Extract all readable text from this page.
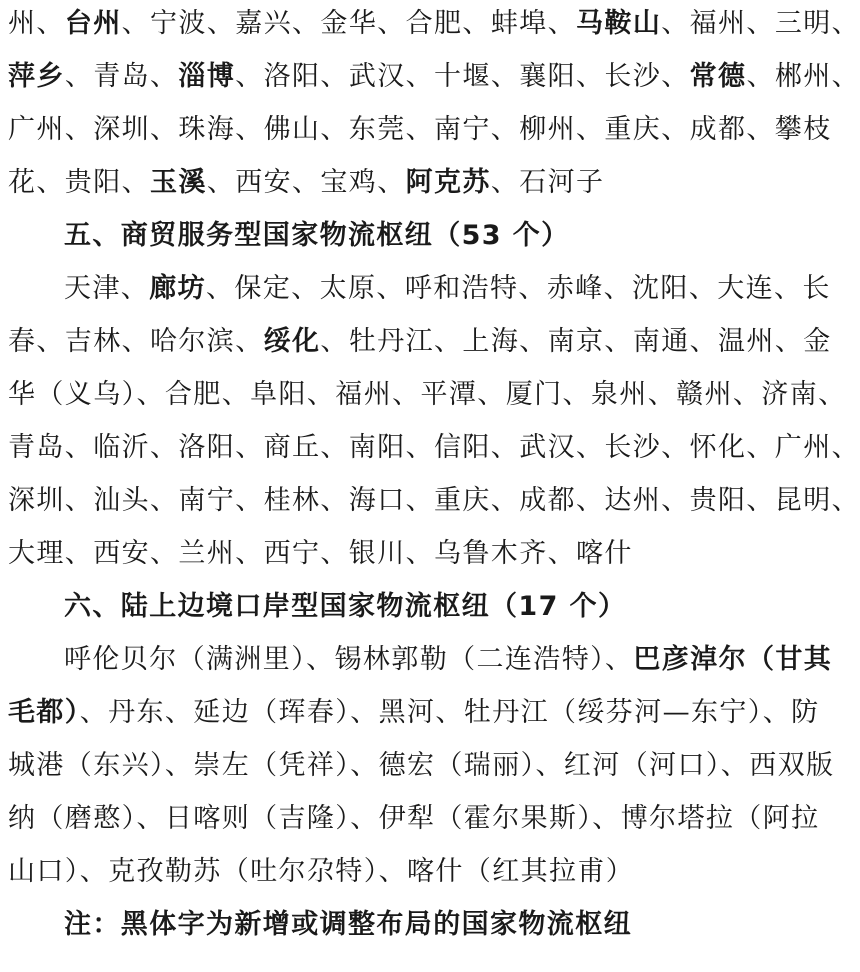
州、台州、宁波、嘉兴、金华、合肥、蚌埠、马鞍山、福州、三明、
萍乡、青岛、淄博、洛阳、武汉、十堰、襄阳、长沙、常德、郴州、
广州、深圳、珠海、佛山、东莞、南宁、柳州、重庆、成都、攀枝
花、贵阳、玉溪、西安、宝鸡、阿克苏、石河子
五、商贸服务型国家物流枢纽（53 个）
天津、廊坊、保定、太原、呼和浩特、赤峰、沈阳、大连、长
春、吉林、哈尔滨、绥化、牡丹江、上海、南京、南通、温州、金
华（义乌）、合肥、阜阳、福州、平潭、厦门、泉州、赣州、济南、
青岛、临沂、洛阳、商丘、南阳、信阳、武汉、长沙、怀化、广州、
深圳、汕头、南宁、桂林、海口、重庆、成都、达州、贵阳、昆明、
大理、西安、兰州、西宁、银川、乌鲁木齐、喀什
六、陆上边境口岸型国家物流枢纽（17 个）
呼伦贝尔（满洲里）、锡林郭勒（二连浩特）、巴彦淖尔（甘其
毛都）、丹东、延边（珲春）、黑河、牡丹江（绥芬河—东宁）、防
城港（东兴）、崇左（凭祥）、德宏（瑞丽）、红河（河口）、西双版
纳（磨憨）、日喀则（吉隆）、伊犁（霍尔果斯）、博尔塔拉（阿拉
山口）、克孜勒苏（吐尔尕特）、喀什（红其拉甫）
注：黑体字为新增或调整布局的国家物流枢纽
